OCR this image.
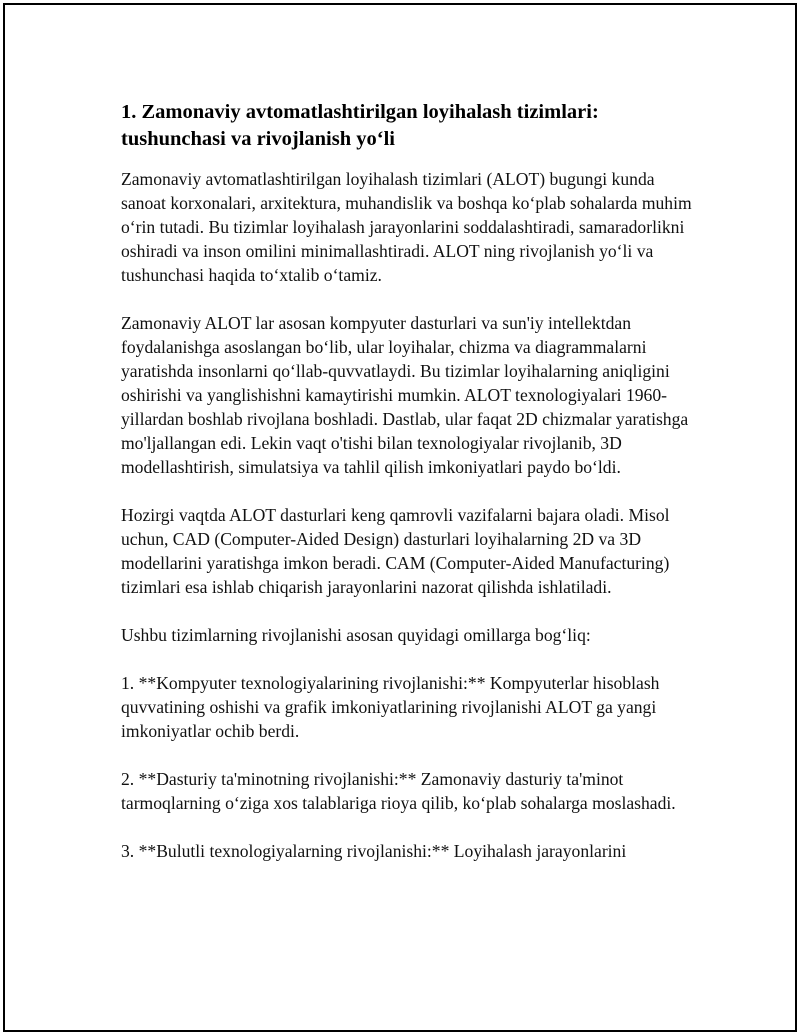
1. Zamonaviy avtomatlashtirilgan loyihalash tizimlari: tushunchasi va rivojlanish yoʻli

Zamonaviy avtomatlashtirilgan loyihalash tizimlari (ALOT) bugungi kunda sanoat korxonalari, arxitektura, muhandislik va boshqa koʻplab sohalarda muhim oʻrin tutadi. Bu tizimlar loyihalash jarayonlarini soddalashtiradi, samaradorlikni oshiradi va inson omilini minimallashtiradi. ALOT ning rivojlanish yoʻli va tushunchasi haqida toʻxtalib oʻtamiz.

Zamonaviy ALOT lar asosan kompyuter dasturlari va sun'iy intellektdan foydalanishga asoslangan boʻlib, ular loyihalar, chizma va diagrammalarni yaratishda insonlarni qoʻllab-quvvatlaydi. Bu tizimlar loyihalarning aniqligini oshirishi va yanglishishni kamaytirishi mumkin. ALOT texnologiyalari 1960-yillardan boshlab rivojlana boshladi. Dastlab, ular faqat 2D chizmalar yaratishga mo'ljallangan edi. Lekin vaqt o'tishi bilan texnologiyalar rivojlanib, 3D modellashtirish, simulatsiya va tahlil qilish imkoniyatlari paydo boʻldi.

Hozirgi vaqtda ALOT dasturlari keng qamrovli vazifalarni bajara oladi. Misol uchun, CAD (Computer-Aided Design) dasturlari loyihalarning 2D va 3D modellarini yaratishga imkon beradi. CAM (Computer-Aided Manufacturing) tizimlari esa ishlab chiqarish jarayonlarini nazorat qilishda ishlatiladi.

Ushbu tizimlarning rivojlanishi asosan quyidagi omillarga bogʻliq:

1. **Kompyuter texnologiyalarining rivojlanishi:** Kompyuterlar hisoblash quvvatining oshishi va grafik imkoniyatlarining rivojlanishi ALOT ga yangi imkoniyatlar ochib berdi.

2. **Dasturiy ta'minotning rivojlanishi:** Zamonaviy dasturiy ta'minot tarmoqlarning oʻziga xos talablariga rioya qilib, koʻplab sohalarga moslashadi.

3. **Bulutli texnologiyalarning rivojlanishi:** Loyihalash jarayonlarini
